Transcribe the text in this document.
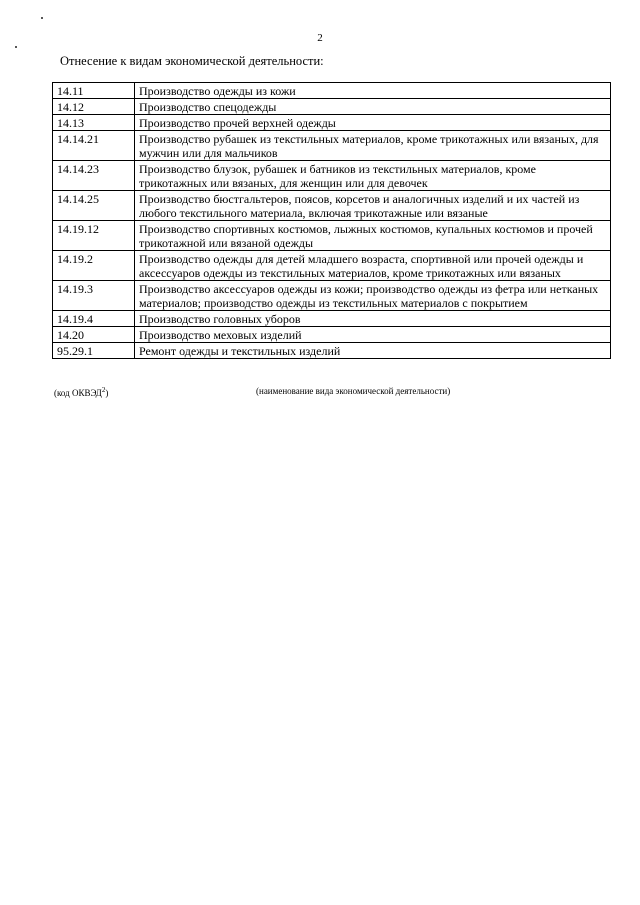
2
Отнесение к видам экономической деятельности:
14.11	Производство одежды из кожи
14.12	Производство спецодежды
14.13	Производство прочей верхней одежды
14.14.21	Производство рубашек из текстильных материалов, кроме трикотажных или вязаных, для мужчин или для мальчиков
14.14.23	Производство блузок, рубашек и батников из текстильных материалов, кроме трикотажных или вязаных, для женщин или для девочек
14.14.25	Производство бюстгальтеров, поясов, корсетов и аналогичных изделий и их частей из любого текстильного материала, включая трикотажные или вязаные
14.19.12	Производство спортивных костюмов, лыжных костюмов, купальных костюмов и прочей трикотажной или вязаной одежды
14.19.2	Производство одежды для детей младшего возраста, спортивной или прочей одежды и аксессуаров одежды из текстильных материалов, кроме трикотажных или вязаных
14.19.3	Производство аксессуаров одежды из кожи; производство одежды из фетра или нетканых материалов; производство одежды из текстильных материалов с покрытием
14.19.4	Производство головных уборов
14.20	Производство меховых изделий
95.29.1	Ремонт одежды и текстильных изделий
(код ОКВЭД$^2$)	(наименование вида экономической деятельности)
